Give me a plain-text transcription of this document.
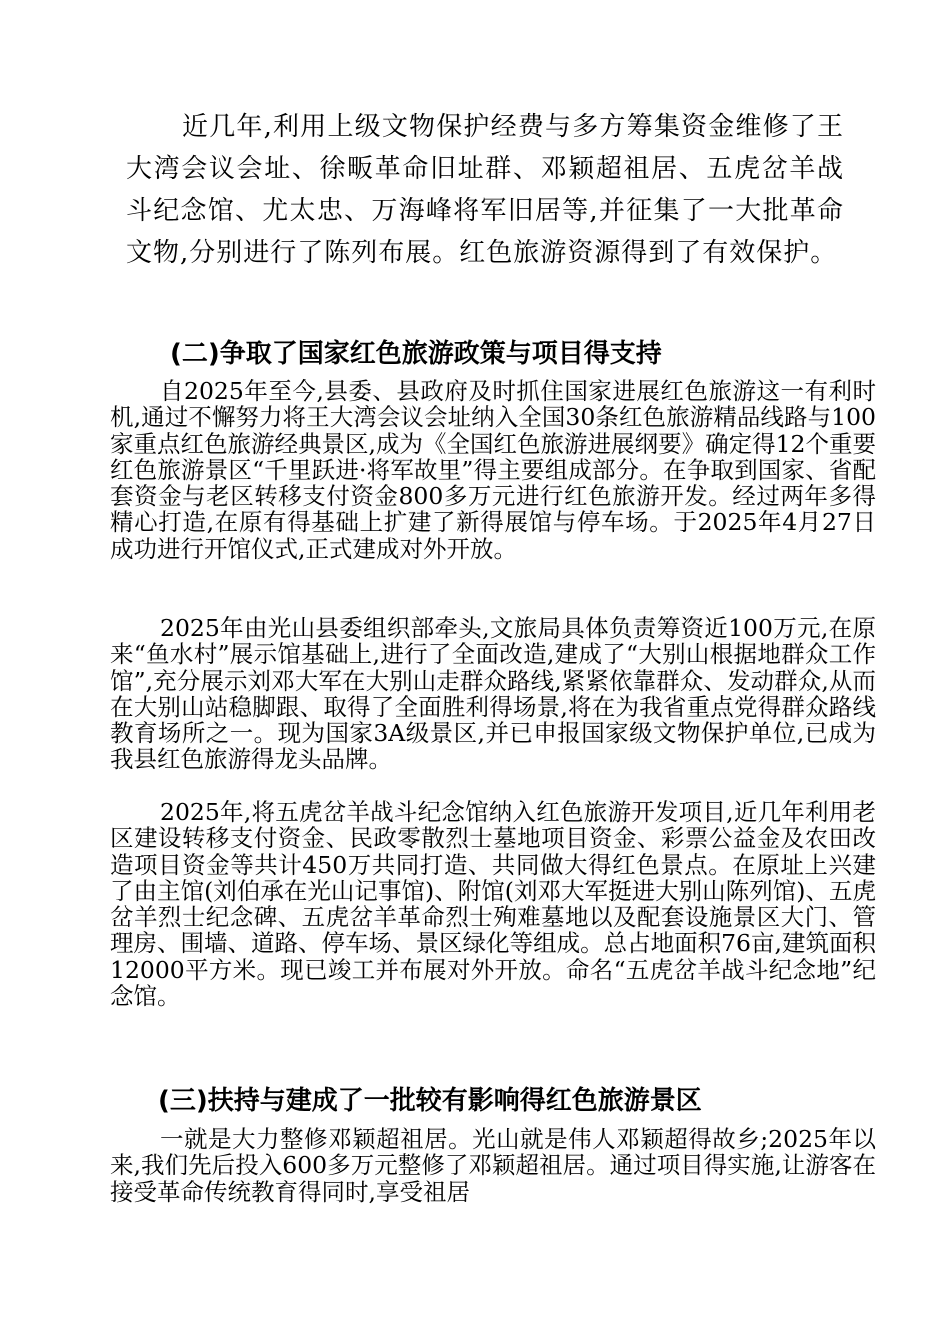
近几年,利用上级文物保护经费与多方筹集资金维修了王大湾会议会址、徐畈革命旧址群、邓颖超祖居、五虎岔羊战斗纪念馆、尤太忠、万海峰将军旧居等,并征集了一大批革命文物,分别进行了陈列布展。红色旅游资源得到了有效保护。

(二)争取了国家红色旅游政策与项目得支持

自2025年至今,县委、县政府及时抓住国家进展红色旅游这一有利时机,通过不懈努力将王大湾会议会址纳入全国30条红色旅游精品线路与100家重点红色旅游经典景区,成为《全国红色旅游进展纲要》确定得12个重要红色旅游景区“千里跃进·将军故里”得主要组成部分。在争取到国家、省配套资金与老区转移支付资金800多万元进行红色旅游开发。经过两年多得精心打造,在原有得基础上扩建了新得展馆与停车场。于2025年4月27日成功进行开馆仪式,正式建成对外开放。

2025年由光山县委组织部牵头,文旅局具体负责筹资近100万元,在原来“鱼水村”展示馆基础上,进行了全面改造,建成了“大别山根据地群众工作馆”,充分展示刘邓大军在大别山走群众路线,紧紧依靠群众、发动群众,从而在大别山站稳脚跟、取得了全面胜利得场景,将在为我省重点党得群众路线教育场所之一。现为国家3A级景区,并已申报国家级文物保护单位,已成为我县红色旅游得龙头品牌。

2025年,将五虎岔羊战斗纪念馆纳入红色旅游开发项目,近几年利用老区建设转移支付资金、民政零散烈士墓地项目资金、彩票公益金及农田改造项目资金等共计450万共同打造、共同做大得红色景点。在原址上兴建了由主馆(刘伯承在光山记事馆)、附馆(刘邓大军挺进大别山陈列馆)、五虎岔羊烈士纪念碑、五虎岔羊革命烈士殉难墓地以及配套设施景区大门、管理房、围墙、道路、停车场、景区绿化等组成。总占地面积76亩,建筑面积12000平方米。现已竣工并布展对外开放。命名“五虎岔羊战斗纪念地”纪念馆。

(三)扶持与建成了一批较有影响得红色旅游景区

一就是大力整修邓颖超祖居。光山就是伟人邓颖超得故乡;2025年以来,我们先后投入600多万元整修了邓颖超祖居。通过项目得实施,让游客在接受革命传统教育得同时,享受祖居
